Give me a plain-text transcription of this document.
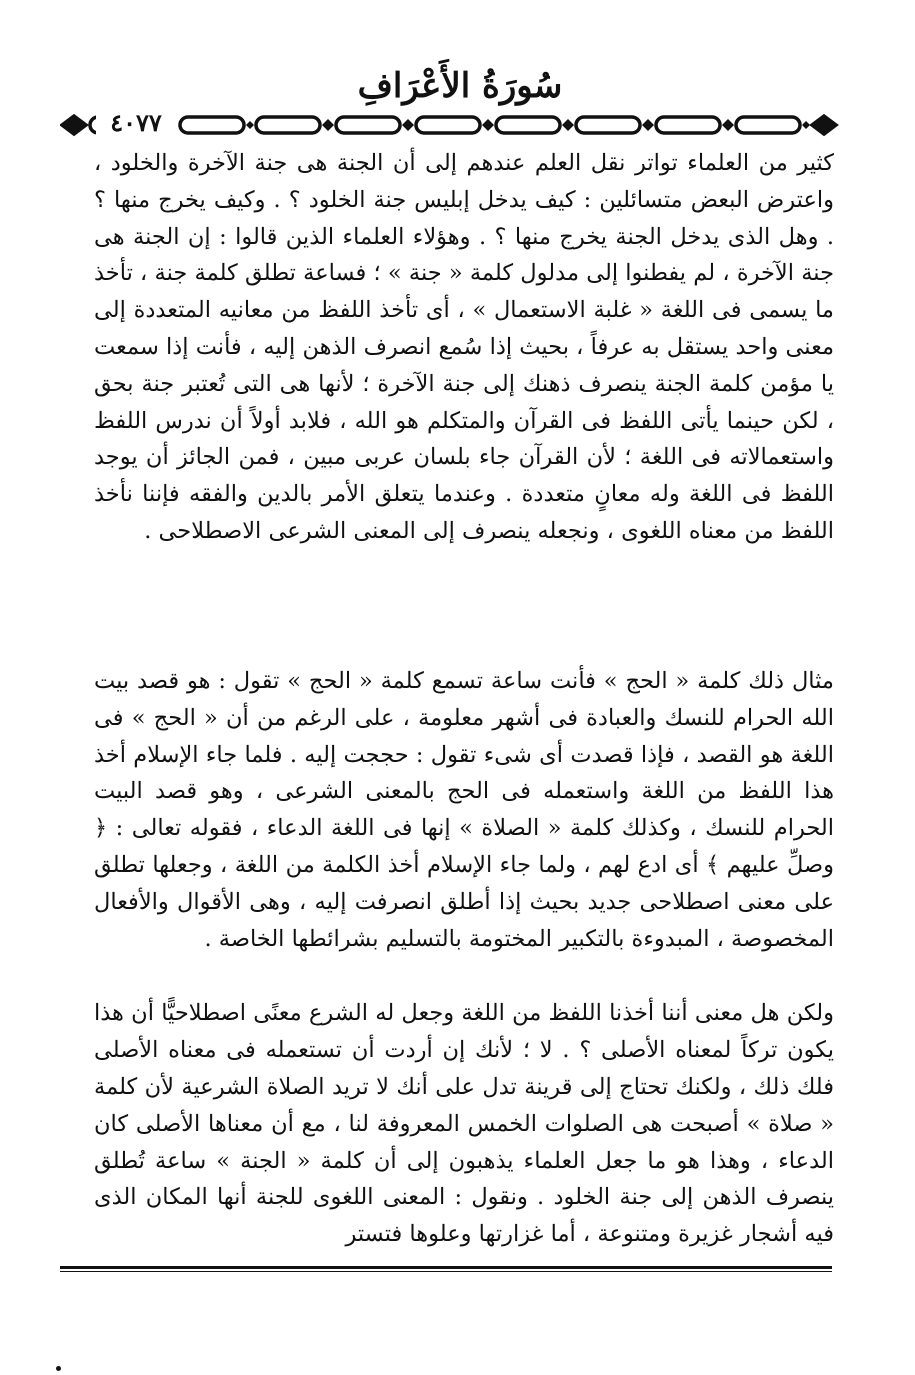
سُورَةُ الأَعْرَافِ
٤٠٧٧

كثير من العلماء تواتر نقل العلم عندهم إلى أن الجنة هى جنة الآخرة والخلود ، واعترض البعض متسائلين : كيف يدخل إبليس جنة الخلود ؟ . وكيف يخرج منها ؟ . وهل الذى يدخل الجنة يخرج منها ؟ . وهؤلاء العلماء الذين قالوا : إن الجنة هى جنة الآخرة ، لم يفطنوا إلى مدلول كلمة « جنة » ؛ فساعة تطلق كلمة جنة ، تأخذ ما يسمى فى اللغة « غلبة الاستعمال » ، أى تأخذ اللفظ من معانيه المتعددة إلى معنى واحد يستقل به عرفاً ، بحيث إذا سُمع انصرف الذهن إليه ، فأنت إذا سمعت يا مؤمن كلمة الجنة ينصرف ذهنك إلى جنة الآخرة ؛ لأنها هى التى تُعتبر جنة بحق ، لكن حينما يأتى اللفظ فى القرآن والمتكلم هو الله ، فلابد أولاً أن ندرس اللفظ واستعمالاته فى اللغة ؛ لأن القرآن جاء بلسان عربى مبين ، فمن الجائز أن يوجد اللفظ فى اللغة وله معانٍ متعددة . وعندما يتعلق الأمر بالدين والفقه فإننا نأخذ اللفظ من معناه اللغوى ، ونجعله ينصرف إلى المعنى الشرعى الاصطلاحى .

مثال ذلك كلمة « الحج » فأنت ساعة تسمع كلمة « الحج » تقول : هو قصد بيت الله الحرام للنسك والعبادة فى أشهر معلومة ، على الرغم من أن « الحج » فى اللغة هو القصد ، فإذا قصدت أى شىء تقول : حججت إليه . فلما جاء الإسلام أخذ هذا اللفظ من اللغة واستعمله فى الحج بالمعنى الشرعى ، وهو قصد البيت الحرام للنسك ، وكذلك كلمة « الصلاة » إنها فى اللغة الدعاء ، فقوله تعالى : ﴿ وصلِّ عليهم ﴾ أى ادع لهم ، ولما جاء الإسلام أخذ الكلمة من اللغة ، وجعلها تطلق على معنى اصطلاحى جديد بحيث إذا أطلق انصرفت إليه ، وهى الأقوال والأفعال المخصوصة ، المبدوءة بالتكبير المختومة بالتسليم بشرائطها الخاصة .

ولكن هل معنى أننا أخذنا اللفظ من اللغة وجعل له الشرع معنًى اصطلاحيًّا أن هذا يكون تركاً لمعناه الأصلى ؟ . لا ؛ لأنك إن أردت أن تستعمله فى معناه الأصلى فلك ذلك ، ولكنك تحتاج إلى قرينة تدل على أنك لا تريد الصلاة الشرعية لأن كلمة « صلاة » أصبحت هى الصلوات الخمس المعروفة لنا ، مع أن معناها الأصلى كان الدعاء ، وهذا هو ما جعل العلماء يذهبون إلى أن كلمة « الجنة » ساعة تُطلق ينصرف الذهن إلى جنة الخلود . ونقول : المعنى اللغوى للجنة أنها المكان الذى فيه أشجار غزيرة ومتنوعة ، أما غزارتها وعلوها فتستر
